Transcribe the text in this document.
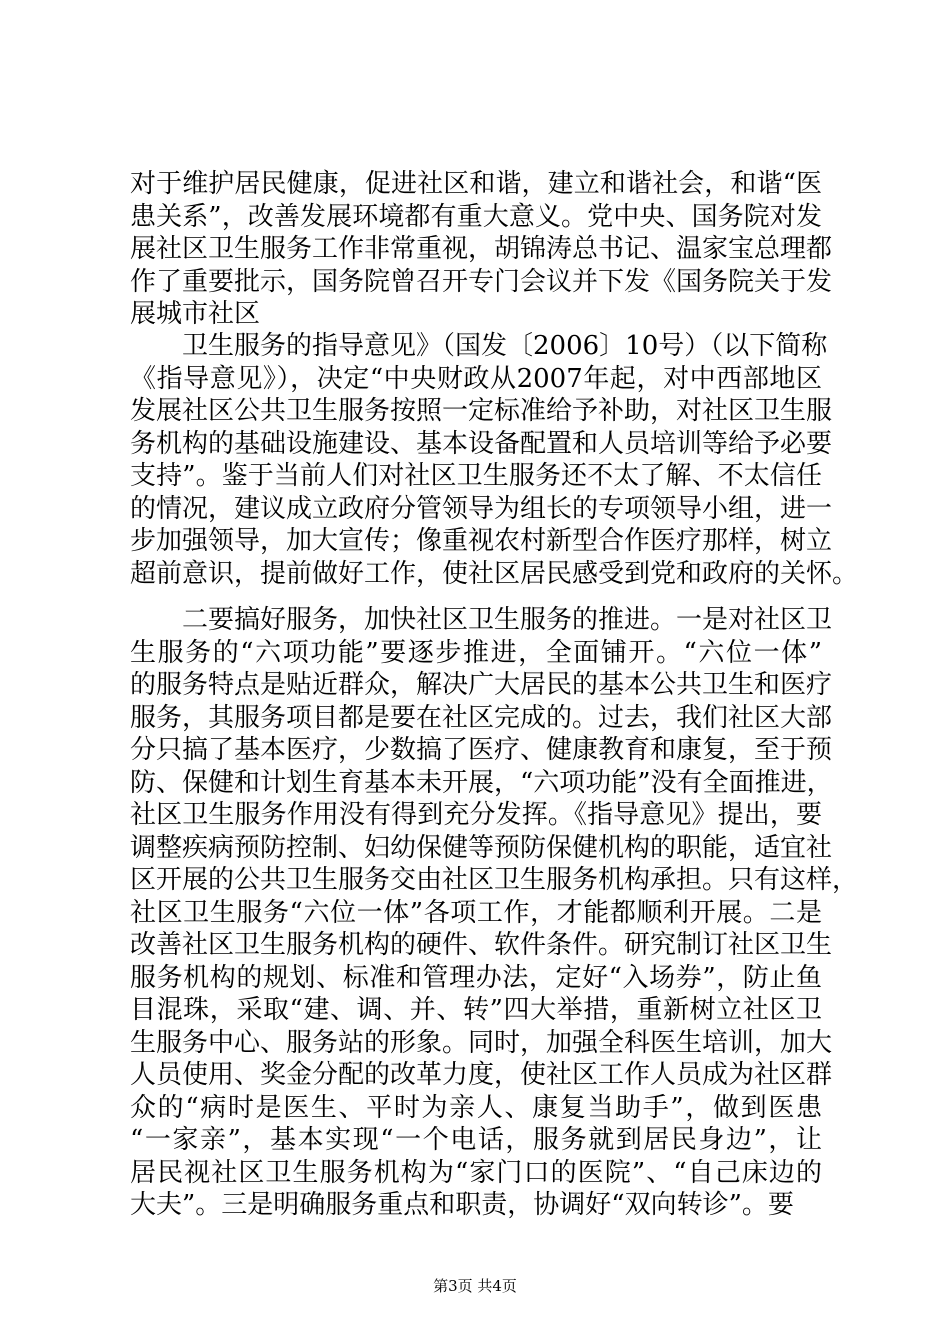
对于维护居民健康，促进社区和谐，建立和谐社会，和谐“医
患关系”，改善发展环境都有重大意义。党中央、国务院对发
展社区卫生服务工作非常重视，胡锦涛总书记、温家宝总理都
作了重要批示，国务院曾召开专门会议并下发《国务院关于发
展城市社区
卫生服务的指导意见》（国发〔2006〕10号）（以下简称
《指导意见》），决定“中央财政从2007年起，对中西部地区
发展社区公共卫生服务按照一定标准给予补助，对社区卫生服
务机构的基础设施建设、基本设备配置和人员培训等给予必要
支持”。鉴于当前人们对社区卫生服务还不太了解、不太信任
的情况，建议成立政府分管领导为组长的专项领导小组，进一
步加强领导，加大宣传；像重视农村新型合作医疗那样，树立
超前意识，提前做好工作，使社区居民感受到党和政府的关怀。
二要搞好服务，加快社区卫生服务的推进。一是对社区卫
生服务的“六项功能”要逐步推进，全面铺开。“六位一体”
的服务特点是贴近群众，解决广大居民的基本公共卫生和医疗
服务，其服务项目都是要在社区完成的。过去，我们社区大部
分只搞了基本医疗，少数搞了医疗、健康教育和康复，至于预
防、保健和计划生育基本未开展，“六项功能”没有全面推进，
社区卫生服务作用没有得到充分发挥。《指导意见》提出，要
调整疾病预防控制、妇幼保健等预防保健机构的职能，适宜社
区开展的公共卫生服务交由社区卫生服务机构承担。只有这样，
社区卫生服务“六位一体”各项工作，才能都顺利开展。二是
改善社区卫生服务机构的硬件、软件条件。研究制订社区卫生
服务机构的规划、标准和管理办法，定好“入场券”，防止鱼
目混珠，采取“建、调、并、转”四大举措，重新树立社区卫
生服务中心、服务站的形象。同时，加强全科医生培训，加大
人员使用、奖金分配的改革力度，使社区工作人员成为社区群
众的“病时是医生、平时为亲人、康复当助手”，做到医患
“一家亲”，基本实现“一个电话，服务就到居民身边”，让
居民视社区卫生服务机构为“家门口的医院”、“自己床边的
大夫”。三是明确服务重点和职责，协调好“双向转诊”。要
第3页 共4页
